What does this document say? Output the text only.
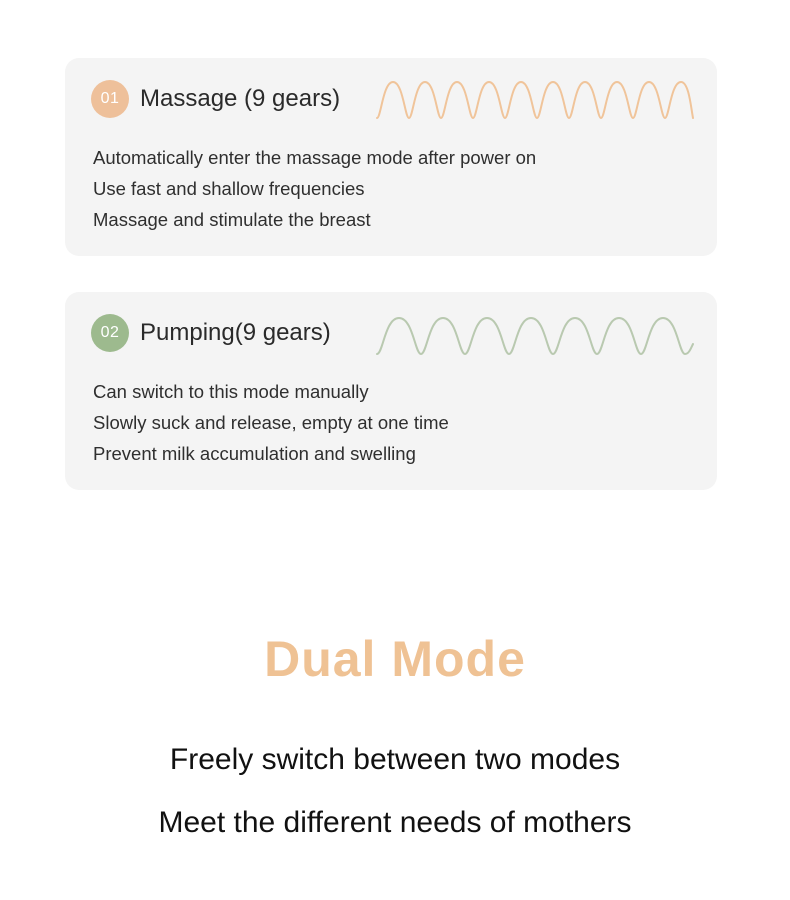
01 Massage (9 gears)
Automatically enter the massage mode after power on
Use fast and shallow frequencies
Massage and stimulate the breast
02 Pumping(9 gears)
Can switch to this mode manually
Slowly suck and release, empty at one time
Prevent milk accumulation and swelling
Dual Mode
Freely switch between two modes
Meet the different needs of mothers
